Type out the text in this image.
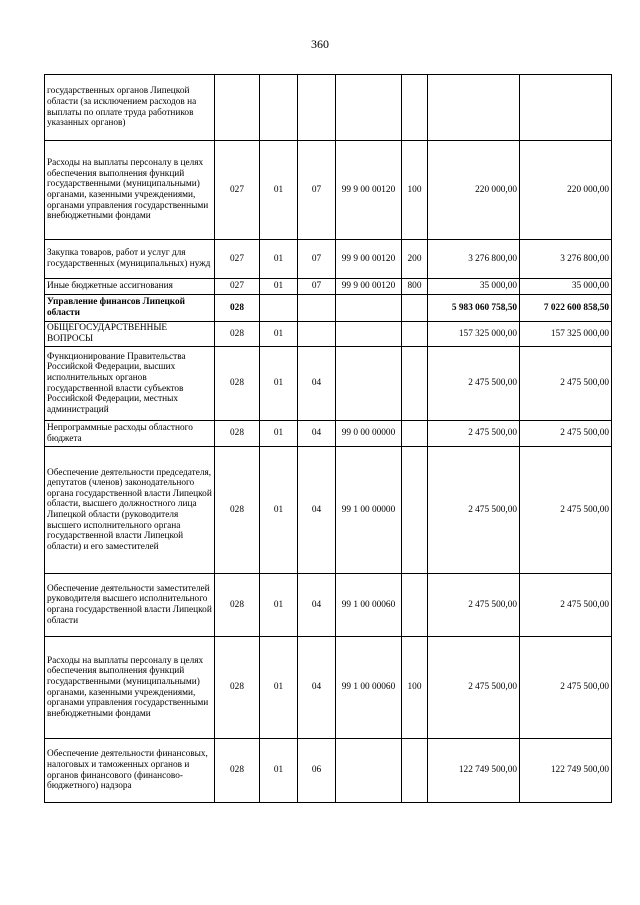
360
государственных органов Липецкой области (за исключением расходов на выплаты по оплате труда работников указанных органов)							
Расходы на выплаты персоналу в целях обеспечения выполнения функций государственными (муниципальными) органами, казенными учреждениями, органами управления государственными внебюджетными фондами	027	01	07	99 9 00 00120	100	220 000,00	220 000,00
Закупка товаров, работ и услуг для государственных (муниципальных) нужд	027	01	07	99 9 00 00120	200	3 276 800,00	3 276 800,00
Иные бюджетные ассигнования	027	01	07	99 9 00 00120	800	35 000,00	35 000,00
Управление финансов Липецкой области	028					5 983 060 758,50	7 022 600 858,50
ОБЩЕГОСУДАРСТВЕННЫЕ ВОПРОСЫ	028	01				157 325 000,00	157 325 000,00
Функционирование Правительства Российской Федерации, высших исполнительных органов государственной власти субъектов Российской Федерации, местных администраций	028	01	04			2 475 500,00	2 475 500,00
Непрограммные расходы областного бюджета	028	01	04	99 0 00 00000		2 475 500,00	2 475 500,00
Обеспечение деятельности председателя, депутатов (членов) законодательного органа государственной власти Липецкой области, высшего должностного лица Липецкой области (руководителя высшего исполнительного органа государственной власти Липецкой области) и его заместителей	028	01	04	99 1 00 00000		2 475 500,00	2 475 500,00
Обеспечение деятельности заместителей руководителя высшего исполнительного органа государственной власти Липецкой области	028	01	04	99 1 00 00060		2 475 500,00	2 475 500,00
Расходы на выплаты персоналу в целях обеспечения выполнения функций государственными (муниципальными) органами, казенными учреждениями, органами управления государственными внебюджетными фондами	028	01	04	99 1 00 00060	100	2 475 500,00	2 475 500,00
Обеспечение деятельности финансовых, налоговых и таможенных органов и органов финансового (финансово-бюджетного) надзора	028	01	06			122 749 500,00	122 749 500,00
